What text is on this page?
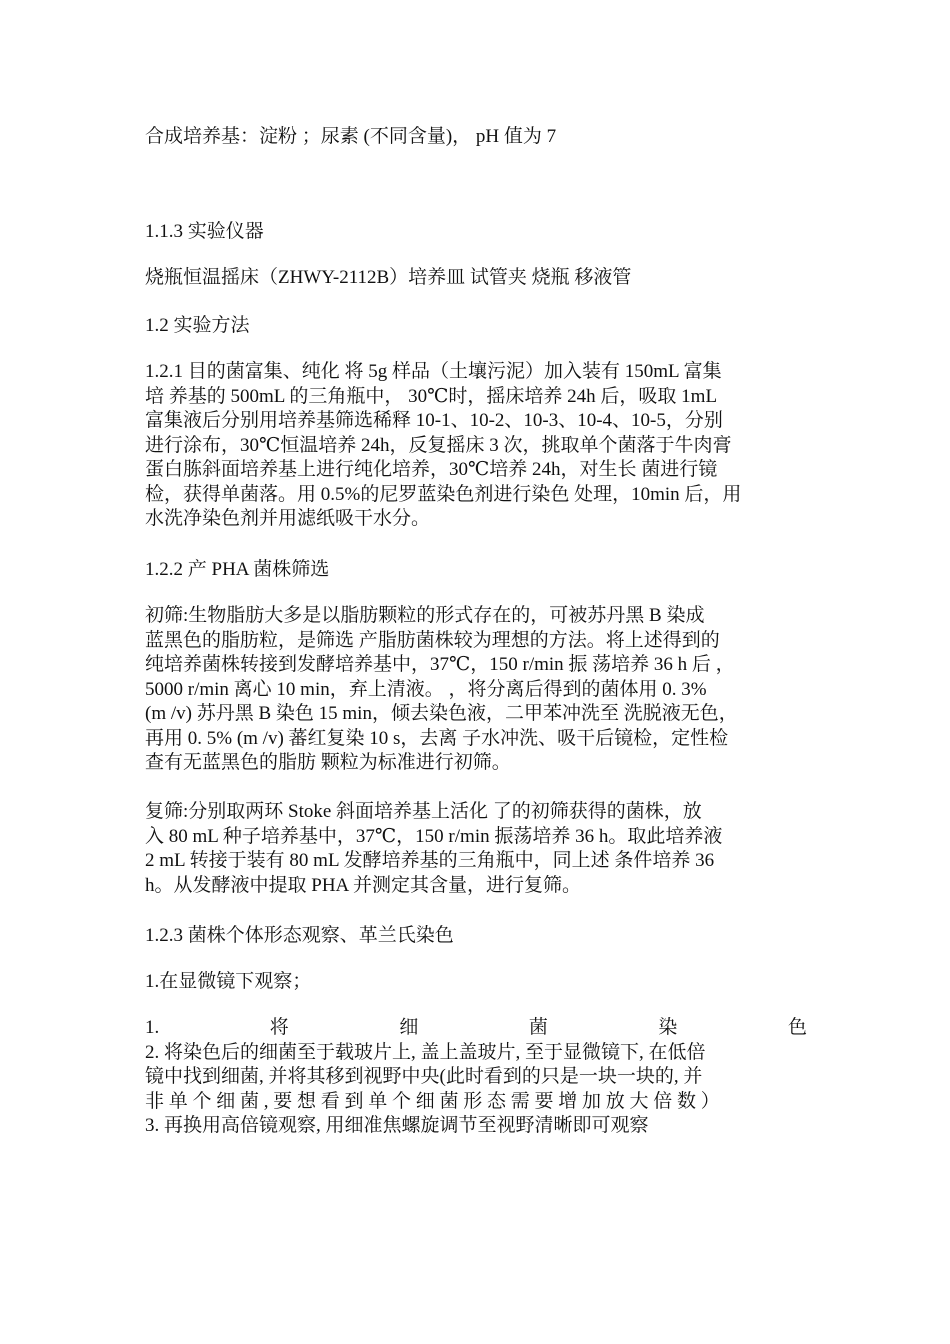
合成培养基：淀粉 ；尿素 (不同含量)， pH 值为 7

1.1.3 实验仪器

烧瓶恒温摇床（ZHWY-2112B）培养皿 试管夹 烧瓶 移液管

1.2 实验方法

1.2.1 目的菌富集、纯化 将 5g 样品（土壤污泥）加入装有 150mL 富集
培 养基的 500mL 的三角瓶中， 30℃时，摇床培养 24h 后，吸取 1mL
富集液后分别用培养基筛选稀释 10-1、10-2、10-3、10-4、10-5，分别
进行涂布，30℃恒温培养 24h，反复摇床 3 次，挑取单个菌落于牛肉膏
蛋白胨斜面培养基上进行纯化培养，30℃培养 24h，对生长 菌进行镜
检，获得单菌落。用 0.5%的尼罗蓝染色剂进行染色 处理，10min 后，用
水洗净染色剂并用滤纸吸干水分。

1.2.2 产 PHA 菌株筛选

初筛:生物脂肪大多是以脂肪颗粒的形式存在的，可被苏丹黑 B 染成
蓝黑色的脂肪粒，是筛选 产脂肪菌株较为理想的方法。将上述得到的
纯培养菌株转接到发酵培养基中，37℃，150 r/min 振 荡培养 36 h 后 ，
5000 r/min 离心 10 min，弃上清液。 ，将分离后得到的菌体用 0. 3%
(m /v) 苏丹黑 B 染色 15 min，倾去染色液，二甲苯冲洗至 洗脱液无色，
再用 0. 5% (m /v) 蕃红复染 10 s，去离 子水冲洗、吸干后镜检，定性检
查有无蓝黑色的脂肪 颗粒为标准进行初筛。

复筛:分别取两环 Stoke 斜面培养基上活化 了的初筛获得的菌株，放
入 80 mL 种子培养基中，37℃，150 r/min 振荡培养 36 h。取此培养液
2 mL 转接于装有 80 mL 发酵培养基的三角瓶中，同上述 条件培养 36
h。从发酵液中提取 PHA 并测定其含量，进行复筛。

1.2.3 菌株个体形态观察、革兰氏染色

1.在显微镜下观察；

1.	将	细	菌	染	色
2. 将染色后的细菌至于载玻片上, 盖上盖玻片, 至于显微镜下, 在低倍
镜中找到细菌, 并将其移到视野中央(此时看到的只是一块一块的, 并
非 单 个 细 菌 , 要 想 看 到 单 个 细 菌 形 态 需 要 增 加 放 大 倍 数 ）
3. 再换用高倍镜观察, 用细准焦螺旋调节至视野清晰即可观察
